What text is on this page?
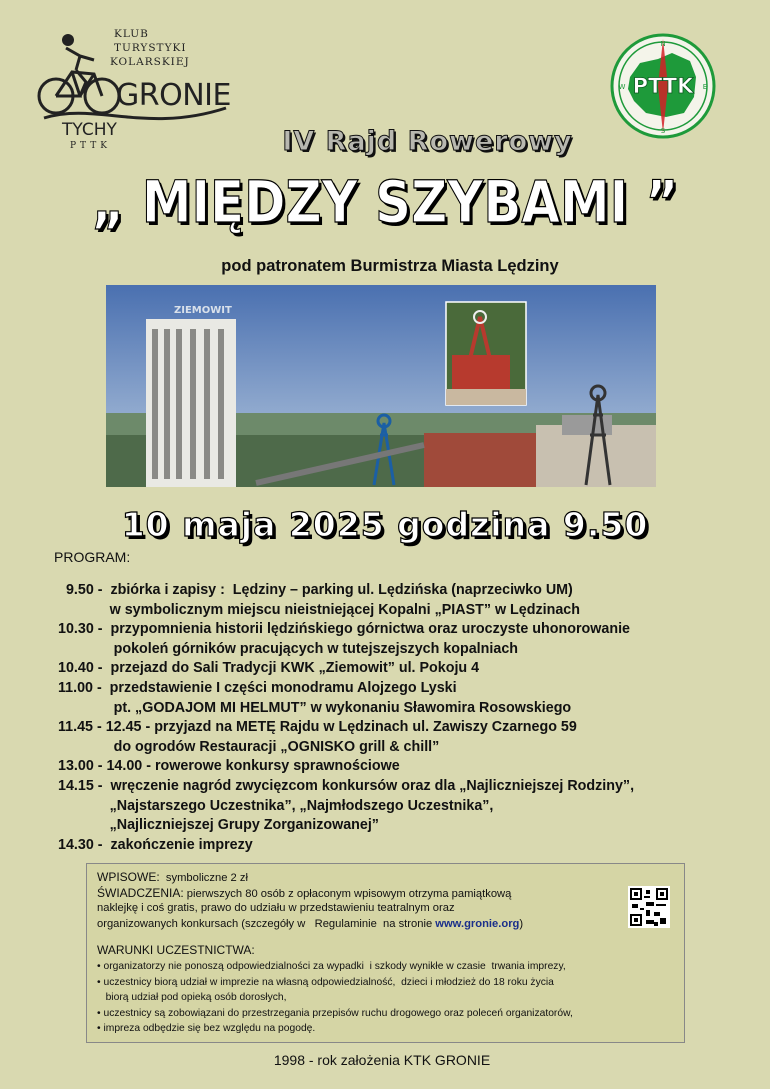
KLUB
TURYSTYKI
KOLARSKIEJ
GRONIE
TYCHY
PTTK
N
W	E
S
PTTK
IV Rajd Rowerowy
„ MIĘDZY SZYBAMI ”
pod patronatem Burmistrza Miasta Lędziny
ZIEMOWIT
10 maja 2025 godzina 9.50
PROGRAM:
9.50 - zbiórka i zapisy :  Lędziny – parking ul. Lędzińska (naprzeciwko UM)
w symbolicznym miejscu nieistniejącej Kopalni „PIAST” w Lędzinach
10.30 - przypomnienia historii lędzińskiego górnictwa oraz uroczyste uhonorowanie
pokoleń górników pracujących w tutejszejszych kopalniach
10.40 - przejazd do Sali Tradycji KWK „Ziemowit” ul. Pokoju 4
11.00 - przedstawienie I części monodramu Alojzego Lyski
pt. „GODAJOM MI HELMUT” w wykonaniu Sławomira Rosowskiego
11.45 - 12.45 - przyjazd na METĘ Rajdu w Lędzinach ul. Zawiszy Czarnego 59
do ogrodów Restauracji „OGNISKO grill & chill”
13.00 - 14.00 - rowerowe konkursy sprawnościowe
14.15 - wręczenie nagród zwycięzcom konkursów oraz dla „Najliczniejszej Rodziny”,
„Najstarszego Uczestnika”, „Najmłodszego Uczestnika”,
„Najliczniejszej Grupy Zorganizowanej”
14.30 - zakończenie imprezy
WPISOWE:  symboliczne 2 zł
ŚWIADCZENIA: pierwszych 80 osób z opłaconym wpisowym otrzyma pamiątkową
naklejkę i coś gratis, prawo do udziału w przedstawieniu teatralnym oraz
organizowanych konkursach (szczegóły w   Regulaminie  na stronie www.gronie.org)
WARUNKI UCZESTNICTWA:
• organizatorzy nie ponoszą odpowiedzialności za wypadki  i szkody wynikłe w czasie  trwania imprezy,
• uczestnicy biorą udział w imprezie na własną odpowiedzialność,  dzieci i młodzież do 18 roku życia
biorą udział pod opieką osób dorosłych,
• uczestnicy są zobowiązani do przestrzegania przepisów ruchu drogowego oraz poleceń organizatorów,
• impreza odbędzie się bez względu na pogodę.
1998 - rok założenia KTK GRONIE
